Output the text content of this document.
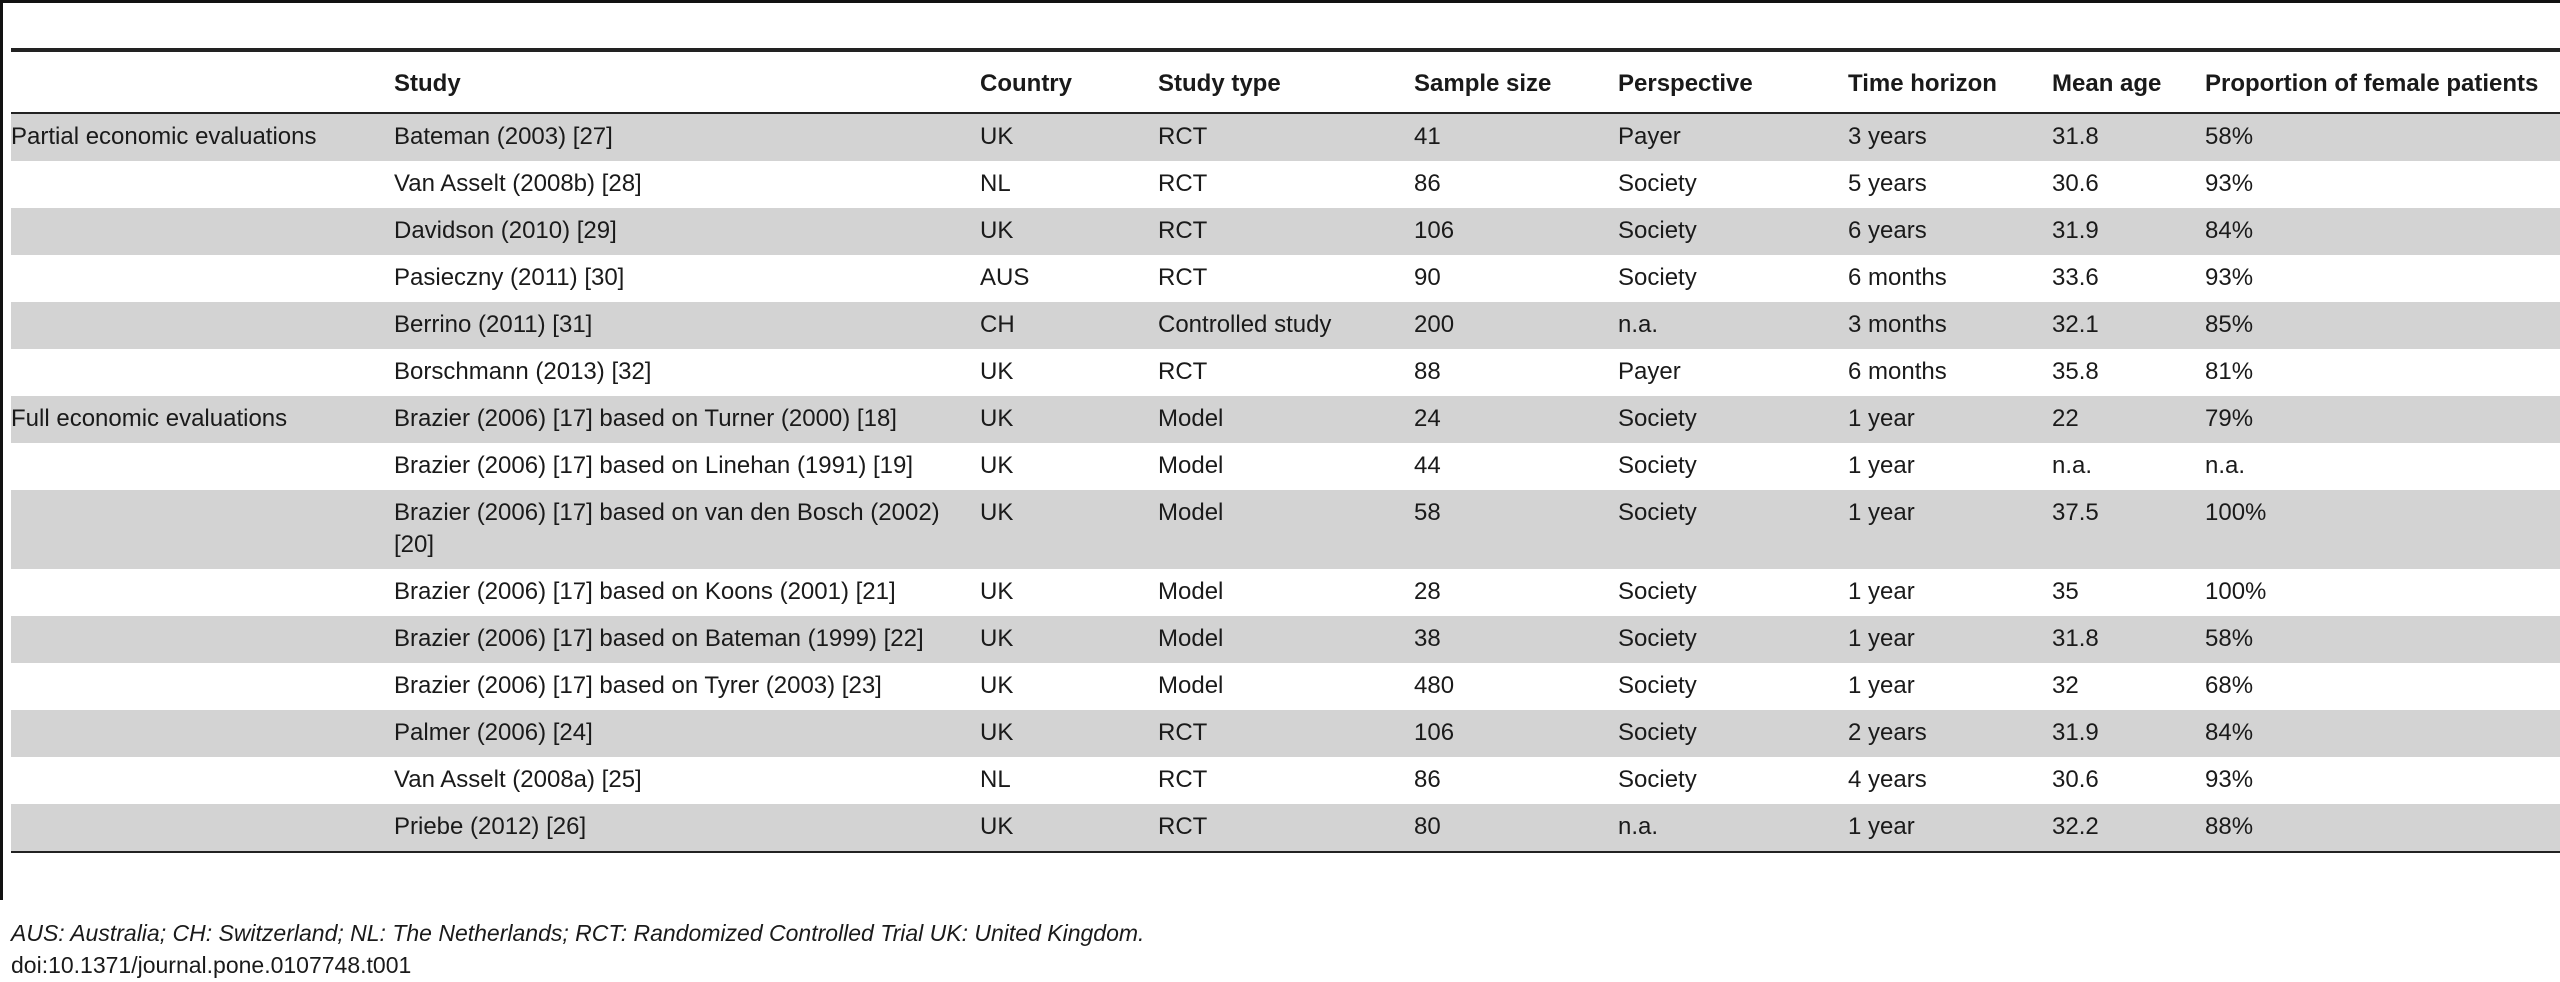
	Study	Country	Study type	Sample size	Perspective	Time horizon	Mean age	Proportion of female patients
Partial economic evaluations	Bateman (2003) [27]	UK	RCT	41	Payer	3 years	31.8	58%
	Van Asselt (2008b) [28]	NL	RCT	86	Society	5 years	30.6	93%
	Davidson (2010) [29]	UK	RCT	106	Society	6 years	31.9	84%
	Pasieczny (2011) [30]	AUS	RCT	90	Society	6 months	33.6	93%
	Berrino (2011) [31]	CH	Controlled study	200	n.a.	3 months	32.1	85%
	Borschmann (2013) [32]	UK	RCT	88	Payer	6 months	35.8	81%
Full economic evaluations	Brazier (2006) [17] based on Turner (2000) [18]	UK	Model	24	Society	1 year	22	79%
	Brazier (2006) [17] based on Linehan (1991) [19]	UK	Model	44	Society	1 year	n.a.	n.a.
	Brazier (2006) [17] based on van den Bosch (2002) [20]	UK	Model	58	Society	1 year	37.5	100%
	Brazier (2006) [17] based on Koons (2001) [21]	UK	Model	28	Society	1 year	35	100%
	Brazier (2006) [17] based on Bateman (1999) [22]	UK	Model	38	Society	1 year	31.8	58%
	Brazier (2006) [17] based on Tyrer (2003) [23]	UK	Model	480	Society	1 year	32	68%
	Palmer (2006) [24]	UK	RCT	106	Society	2 years	31.9	84%
	Van Asselt (2008a) [25]	NL	RCT	86	Society	4 years	30.6	93%
	Priebe (2012) [26]	UK	RCT	80	n.a.	1 year	32.2	88%
AUS: Australia; CH: Switzerland; NL: The Netherlands; RCT: Randomized Controlled Trial UK: United Kingdom.
doi:10.1371/journal.pone.0107748.t001
